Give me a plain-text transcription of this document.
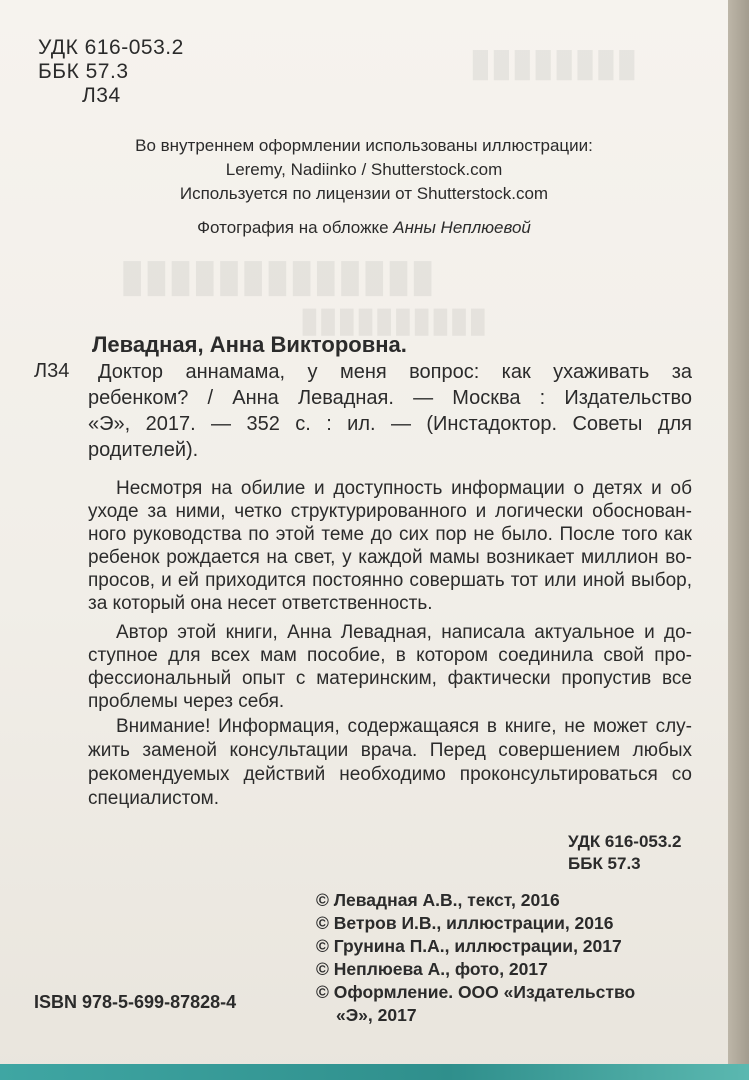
▮▮▮▮▮▮▮▮
▮▮▮▮▮▮▮▮▮▮▮▮▮
▮▮▮▮▮▮▮▮▮▮
УДК 616-053.2
ББК 57.3
Л34
Во внутреннем оформлении использованы иллюстрации:
Leremy, Nadiinko / Shutterstock.com
Используется по лицензии от Shutterstock.com
Фотография на обложке Анны Неплюевой
Левадная, Анна Викторовна.
Л34 Доктор аннамама, у меня вопрос: как ухаживать за
ребенком? / Анна Левадная. — Москва : Издательство
«Э», 2017. — 352 с. : ил. — (Инстадоктор. Советы для
родителей).
Несмотря на обилие и доступность информации о детях и об
уходе за ними, четко структурированного и логически обоснован-
ного руководства по этой теме до сих пор не было. После того как
ребенок рождается на свет, у каждой мамы возникает миллион во-
просов, и ей приходится постоянно совершать тот или иной выбор,
за который она несет ответственность.
Автор этой книги, Анна Левадная, написала актуальное и до-
ступное для всех мам пособие, в котором соединила свой про-
фессиональный опыт с материнским, фактически пропустив все
проблемы через себя.
Внимание! Информация, содержащаяся в книге, не может слу-
жить заменой консультации врача. Перед совершением любых
рекомендуемых действий необходимо проконсультироваться со
специалистом.
УДК 616-053.2
ББК 57.3
© Левадная А.В., текст, 2016
© Ветров И.В., иллюстрации, 2016
© Грунина П.А., иллюстрации, 2017
© Неплюева А., фото, 2017
© Оформление. ООО «Издательство
«Э», 2017
ISBN 978-5-699-87828-4
